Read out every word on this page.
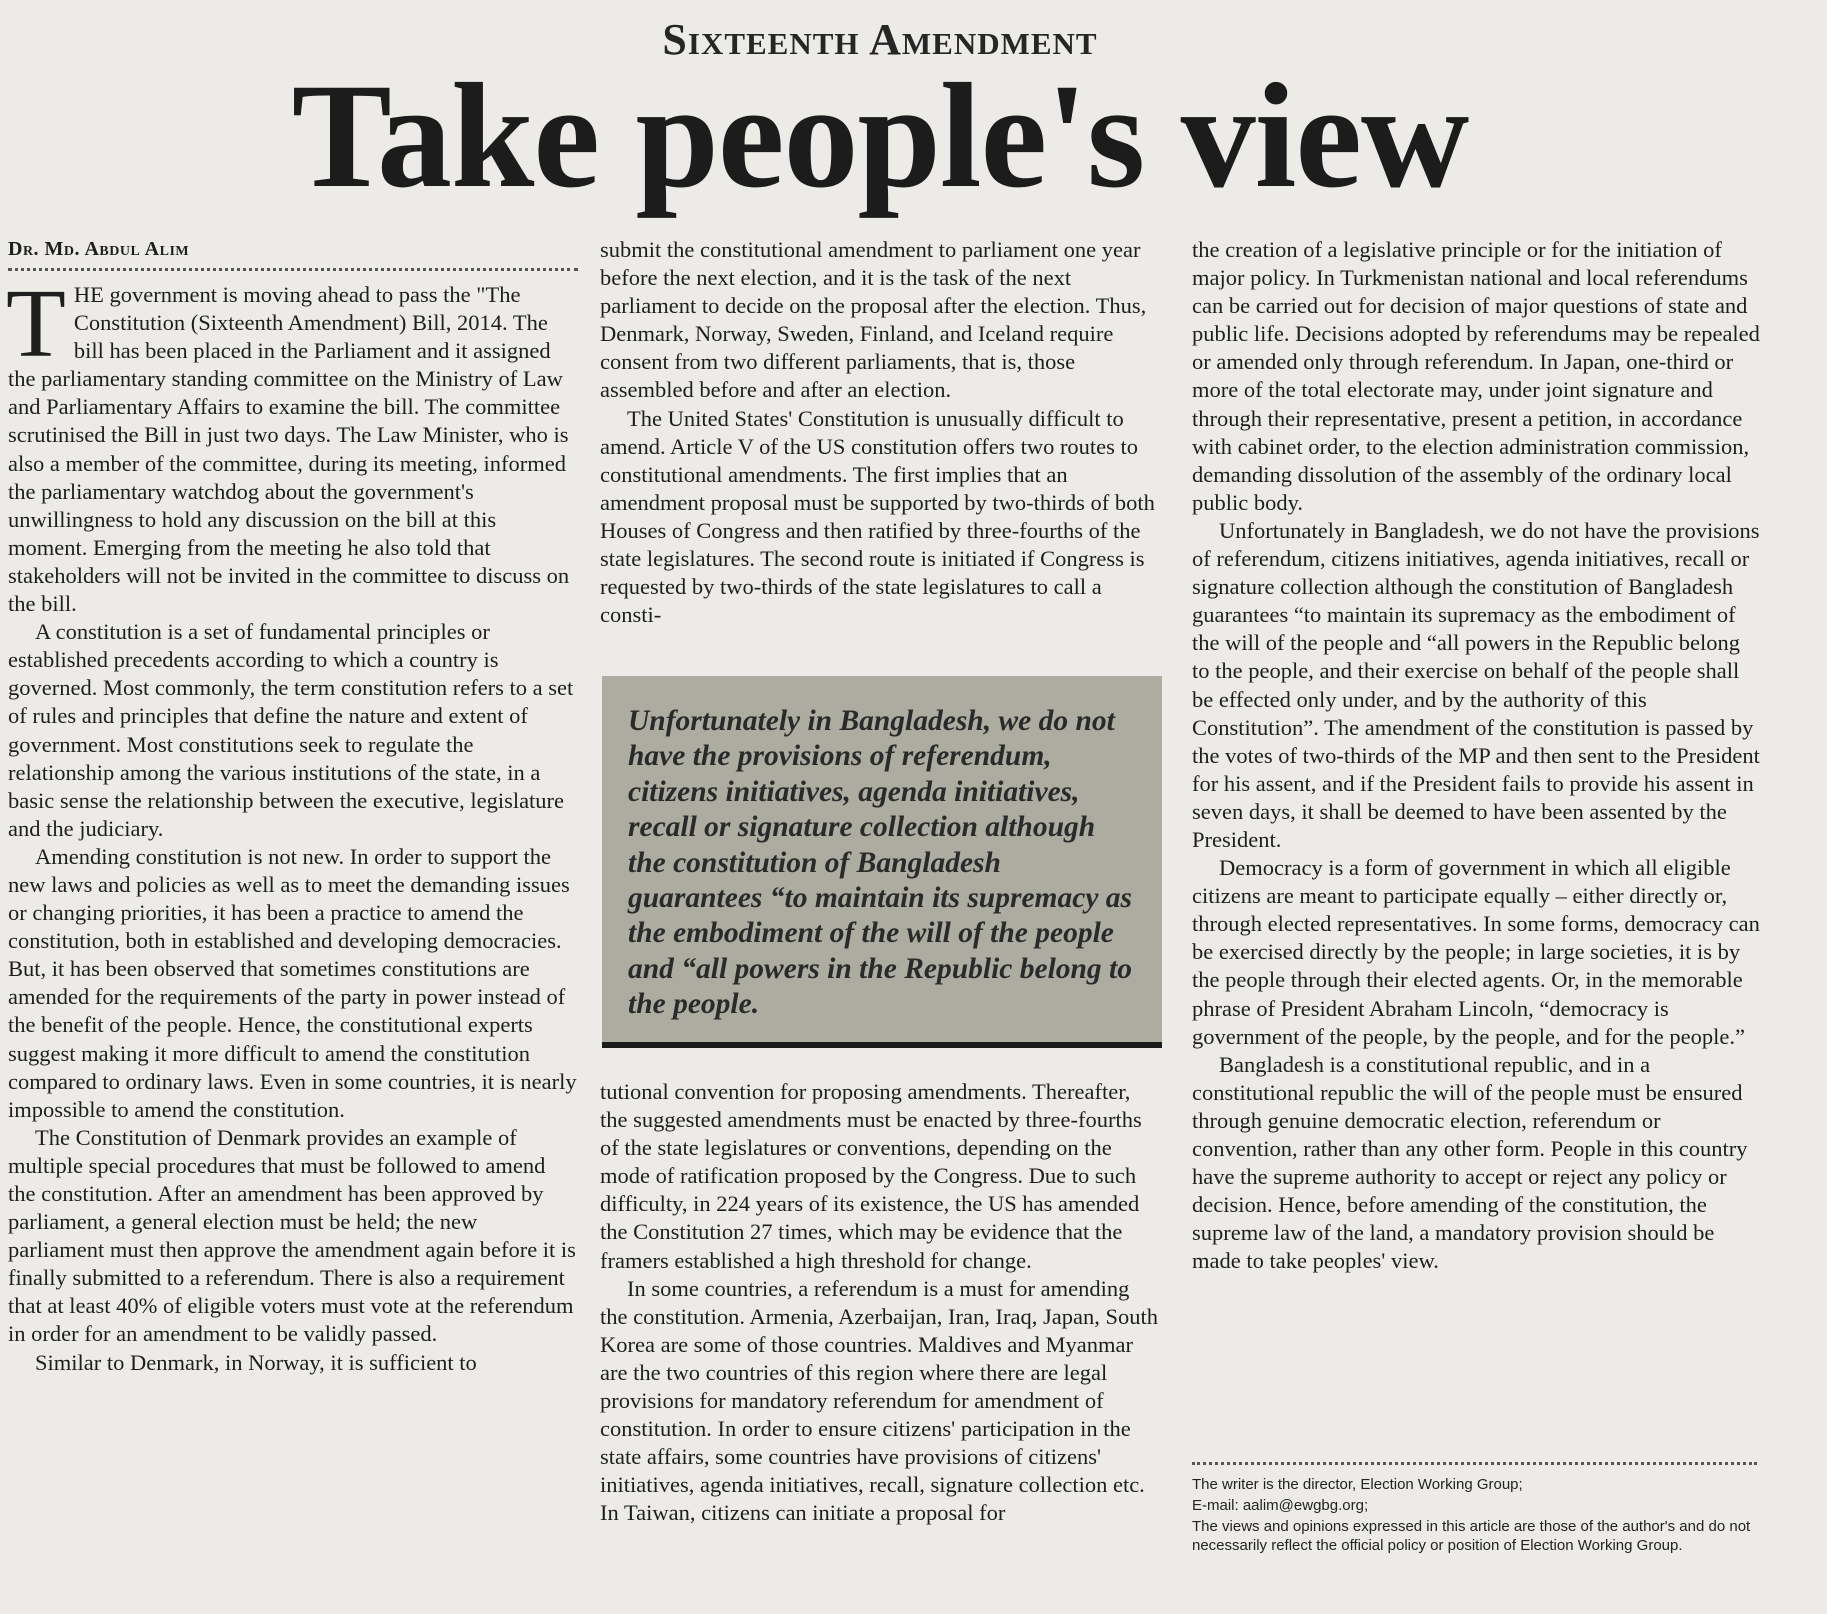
Sixteenth Amendment
Take people's view
Dr. Md. Abdul Alim

THE government is moving ahead to pass the "The Constitution (Sixteenth Amendment) Bill, 2014. The bill has been placed in the Parliament and it assigned the parliamentary standing committee on the Ministry of Law and Parliamentary Affairs to examine the bill. The committee scrutinised the Bill in just two days. The Law Minister, who is also a member of the committee, during its meeting, informed the parliamentary watchdog about the government's unwillingness to hold any discussion on the bill at this moment. Emerging from the meeting he also told that stakeholders will not be invited in the committee to discuss on the bill.

A constitution is a set of fundamental principles or established precedents according to which a country is governed. Most commonly, the term constitution refers to a set of rules and principles that define the nature and extent of government. Most constitutions seek to regulate the relationship among the various institutions of the state, in a basic sense the relationship between the executive, legislature and the judiciary.

Amending constitution is not new. In order to support the new laws and policies as well as to meet the demanding issues or changing priorities, it has been a practice to amend the constitution, both in established and developing democracies. But, it has been observed that sometimes constitutions are amended for the requirements of the party in power instead of the benefit of the people. Hence, the constitutional experts suggest making it more difficult to amend the constitution compared to ordinary laws. Even in some countries, it is nearly impossible to amend the constitution.

The Constitution of Denmark provides an example of multiple special procedures that must be followed to amend the constitution. After an amendment has been approved by parliament, a general election must be held; the new parliament must then approve the amendment again before it is finally submitted to a referendum. There is also a requirement that at least 40% of eligible voters must vote at the referendum in order for an amendment to be validly passed.

Similar to Denmark, in Norway, it is sufficient to

submit the constitutional amendment to parliament one year before the next election, and it is the task of the next parliament to decide on the proposal after the election. Thus, Denmark, Norway, Sweden, Finland, and Iceland require consent from two different parliaments, that is, those assembled before and after an election.

The United States' Constitution is unusually difficult to amend. Article V of the US constitution offers two routes to constitutional amendments. The first implies that an amendment proposal must be supported by two-thirds of both Houses of Congress and then ratified by three-fourths of the state legislatures. The second route is initiated if Congress is requested by two-thirds of the state legislatures to call a consti-

Unfortunately in Bangladesh, we do not have the provisions of referendum, citizens initiatives, agenda initiatives, recall or signature collection although the constitution of Bangladesh guarantees “to maintain its supremacy as the embodiment of the will of the people and “all powers in the Republic belong to the people.

tutional convention for proposing amendments. Thereafter, the suggested amendments must be enacted by three-fourths of the state legislatures or conventions, depending on the mode of ratification proposed by the Congress. Due to such difficulty, in 224 years of its existence, the US has amended the Constitution 27 times, which may be evidence that the framers established a high threshold for change.

In some countries, a referendum is a must for amending the constitution. Armenia, Azerbaijan, Iran, Iraq, Japan, South Korea are some of those countries. Maldives and Myanmar are the two countries of this region where there are legal provisions for mandatory referendum for amendment of constitution. In order to ensure citizens' participation in the state affairs, some countries have provisions of citizens' initiatives, agenda initiatives, recall, signature collection etc. In Taiwan, citizens can initiate a proposal for

the creation of a legislative principle or for the initiation of major policy. In Turkmenistan national and local referendums can be carried out for decision of major questions of state and public life. Decisions adopted by referendums may be repealed or amended only through referendum. In Japan, one-third or more of the total electorate may, under joint signature and through their representative, present a petition, in accordance with cabinet order, to the election administration commission, demanding dissolution of the assembly of the ordinary local public body.

Unfortunately in Bangladesh, we do not have the provisions of referendum, citizens initiatives, agenda initiatives, recall or signature collection although the constitution of Bangladesh guarantees “to maintain its supremacy as the embodiment of the will of the people and “all powers in the Republic belong to the people, and their exercise on behalf of the people shall be effected only under, and by the authority of this Constitution”. The amendment of the constitution is passed by the votes of two-thirds of the MP and then sent to the President for his assent, and if the President fails to provide his assent in seven days, it shall be deemed to have been assented by the President.

Democracy is a form of government in which all eligible citizens are meant to participate equally – either directly or, through elected representatives. In some forms, democracy can be exercised directly by the people; in large societies, it is by the people through their elected agents. Or, in the memorable phrase of President Abraham Lincoln, “democracy is government of the people, by the people, and for the people.”

Bangladesh is a constitutional republic, and in a constitutional republic the will of the people must be ensured through genuine democratic election, referendum or convention, rather than any other form. People in this country have the supreme authority to accept or reject any policy or decision. Hence, before amending of the constitution, the supreme law of the land, a mandatory provision should be made to take peoples' view.

The writer is the director, Election Working Group;
E-mail: aalim@ewgbg.org;
The views and opinions expressed in this article are those of the author's and do not necessarily reflect the official policy or position of Election Working Group.
